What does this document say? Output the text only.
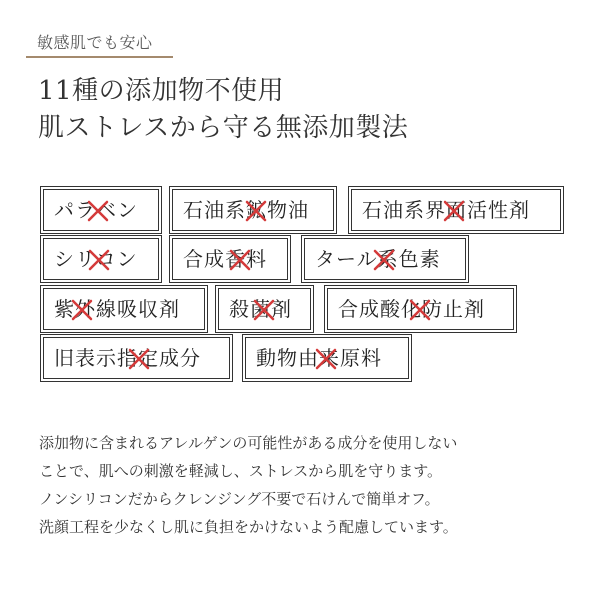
敏感肌でも安心
11種の添加物不使用
肌ストレスから守る無添加製法
パラベン 石油系鉱物油	石油系界面活性剤
シリコン 合成香料 タール系色素
紫外線吸収剤 殺菌剤 合成酸化防止剤
旧表示指定成分	動物由来原料

添加物に含まれるアレルゲンの可能性がある成分を使用しない
ことで、肌への刺激を軽減し、ストレスから肌を守ります。
ノンシリコンだからクレンジング不要で石けんで簡単オフ。
洗顔工程を少なくし肌に負担をかけないよう配慮しています。
